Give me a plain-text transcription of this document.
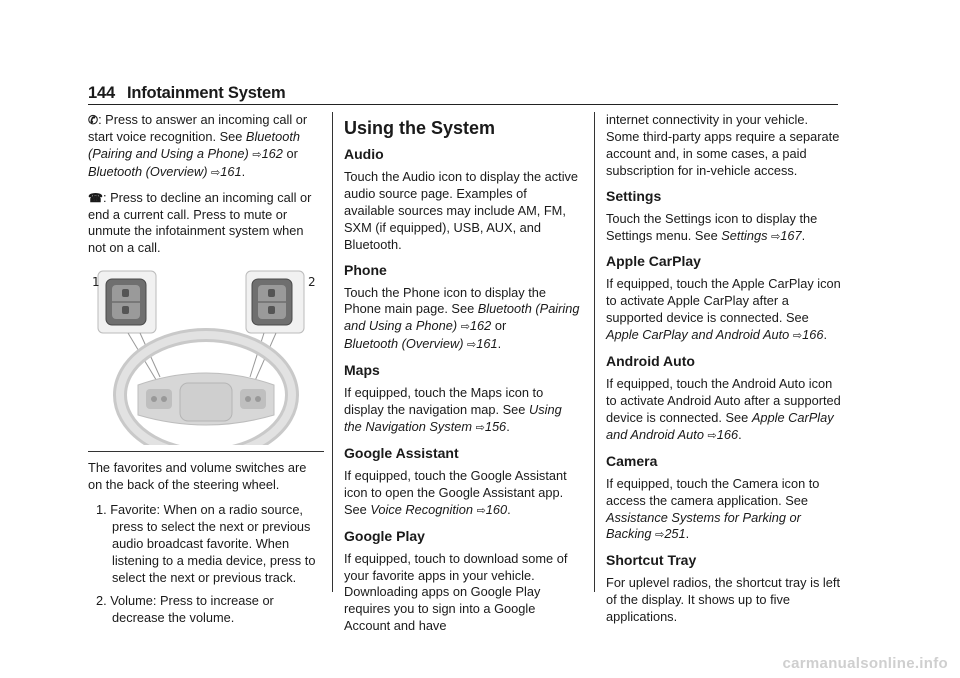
144 Infotainment System

✆: Press to answer an incoming call or start voice recognition. See Bluetooth (Pairing and Using a Phone) ⇨162 or Bluetooth (Overview) ⇨161.

☎: Press to decline an incoming call or end a current call. Press to mute or unmute the infotainment system when not on a call.

1	2

The favorites and volume switches are on the back of the steering wheel.

1. Favorite: When on a radio source, press to select the next or previous audio broadcast favorite. When listening to a media device, press to select the next or previous track.
2. Volume: Press to increase or decrease the volume.
Using the System
Audio

Touch the Audio icon to display the active audio source page. Examples of available sources may include AM, FM, SXM (if equipped), USB, AUX, and Bluetooth.

Phone

Touch the Phone icon to display the Phone main page. See Bluetooth (Pairing and Using a Phone) ⇨162 or
Bluetooth (Overview) ⇨161.

Maps

If equipped, touch the Maps icon to display the navigation map. See Using the Navigation System ⇨156.

Google Assistant

If equipped, touch the Google Assistant icon to open the Google Assistant app. See Voice Recognition ⇨160.

Google Play

If equipped, touch to download some of your favorite apps in your vehicle. Downloading apps on Google Play requires you to sign into a Google Account and have

internet connectivity in your vehicle. Some third-party apps require a separate account and, in some cases, a paid subscription for in-vehicle access.

Settings

Touch the Settings icon to display the Settings menu. See Settings ⇨167.

Apple CarPlay

If equipped, touch the Apple CarPlay icon to activate Apple CarPlay after a supported device is connected. See Apple CarPlay and Android Auto ⇨166.

Android Auto

If equipped, touch the Android Auto icon to activate Android Auto after a supported device is connected. See Apple CarPlay and Android Auto ⇨166.

Camera

If equipped, touch the Camera icon to access the camera application. See Assistance Systems for Parking or Backing ⇨251.

Shortcut Tray

For uplevel radios, the shortcut tray is left of the display. It shows up to five applications.

carmanualsonline.info
